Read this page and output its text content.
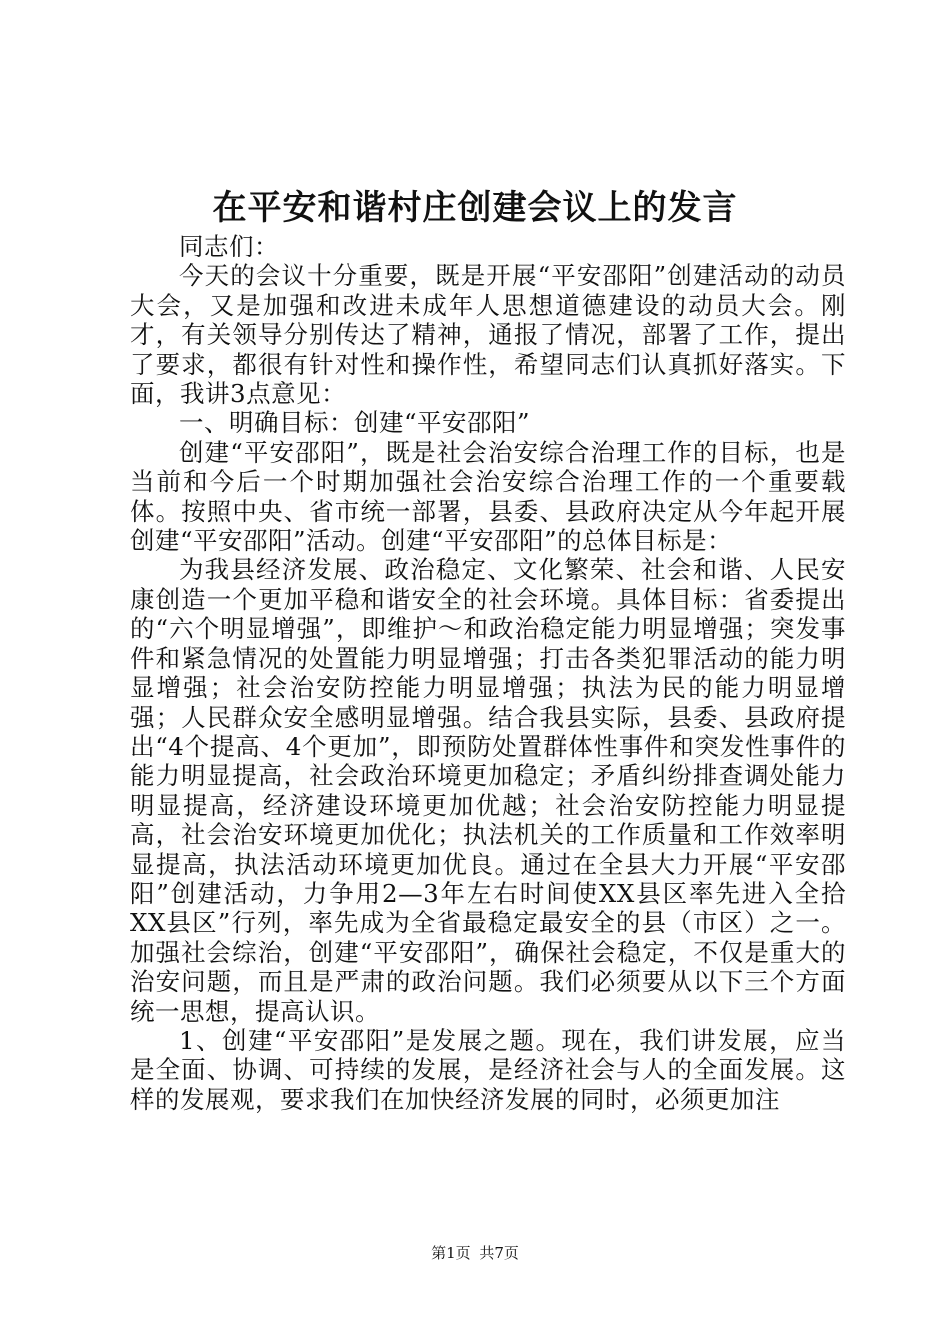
在平安和谐村庄创建会议上的发言

同志们：

今天的会议十分重要，既是开展“平安邵阳”创建活动的动员大会，又是加强和改进未成年人思想道德建设的动员大会。刚才，有关领导分别传达了精神，通报了情况，部署了工作，提出了要求，都很有针对性和操作性，希望同志们认真抓好落实。下面，我讲3点意见：

一、明确目标：创建“平安邵阳”

创建“平安邵阳”，既是社会治安综合治理工作的目标，也是当前和今后一个时期加强社会治安综合治理工作的一个重要载体。按照中央、省市统一部署，县委、县政府决定从今年起开展创建“平安邵阳”活动。创建“平安邵阳”的总体目标是：

为我县经济发展、政治稳定、文化繁荣、社会和谐、人民安康创造一个更加平稳和谐安全的社会环境。具体目标：省委提出的“六个明显增强”，即维护～和政治稳定能力明显增强；突发事件和紧急情况的处置能力明显增强；打击各类犯罪活动的能力明显增强；社会治安防控能力明显增强；执法为民的能力明显增强；人民群众安全感明显增强。结合我县实际，县委、县政府提出“4个提高、4个更加”，即预防处置群体性事件和突发性事件的能力明显提高，社会政治环境更加稳定；矛盾纠纷排查调处能力明显提高，经济建设环境更加优越；社会治安防控能力明显提高，社会治安环境更加优化；执法机关的工作质量和工作效率明显提高，执法活动环境更加优良。通过在全县大力开展“平安邵阳”创建活动，力争用2—3年左右时间使XX县区率先进入全拾XX县区”行列，率先成为全省最稳定最安全的县（市区）之一。加强社会综治，创建“平安邵阳”，确保社会稳定，不仅是重大的治安问题，而且是严肃的政治问题。我们必须要从以下三个方面统一思想，提高认识。

1、创建“平安邵阳”是发展之题。现在，我们讲发展，应当是全面、协调、可持续的发展，是经济社会与人的全面发展。这样的发展观，要求我们在加快经济发展的同时，必须更加注

第1页 共7页
